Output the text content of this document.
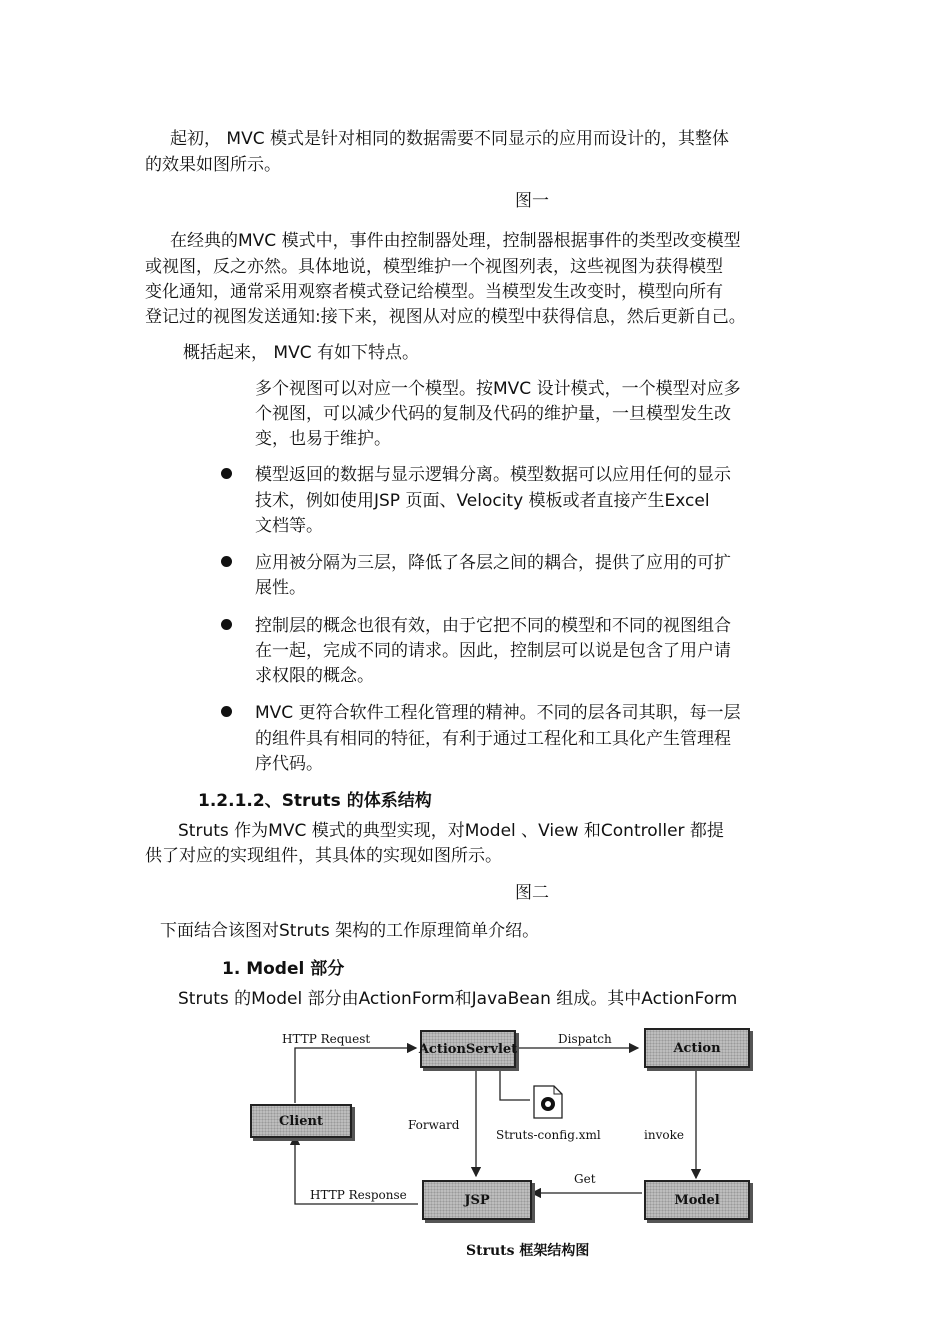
起初， MVC 模式是针对相同的数据需要不同显示的应用而设计的，其整体
的效果如图所示。
图一
在经典的MVC 模式中，事件由控制器处理，控制器根据事件的类型改变模型
或视图，反之亦然。具体地说，模型维护一个视图列表，这些视图为获得模型
变化通知，通常采用观察者模式登记给模型。当模型发生改变时，模型向所有
登记过的视图发送通知:接下来，视图从对应的模型中获得信息，然后更新自己。
概括起来， MVC 有如下特点。
多个视图可以对应一个模型。按MVC 设计模式，一个模型对应多
个视图，可以减少代码的复制及代码的维护量，一旦模型发生改
变，也易于维护。
模型返回的数据与显示逻辑分离。模型数据可以应用任何的显示
技术，例如使用JSP 页面、Velocity 模板或者直接产生Excel
文档等。
应用被分隔为三层，降低了各层之间的耦合，提供了应用的可扩
展性。
控制层的概念也很有效，由于它把不同的模型和不同的视图组合
在一起，完成不同的请求。因此，控制层可以说是包含了用户请
求权限的概念。
MVC 更符合软件工程化管理的精神。不同的层各司其职，每一层
的组件具有相同的特征，有利于通过工程化和工具化产生管理程
序代码。
1.2.1.2、Struts 的体系结构
Struts 作为MVC 模式的典型实现，对Model 、View 和Controller 都提
供了对应的实现组件，其具体的实现如图所示。
图二
下面结合该图对Struts 架构的工作原理简单介绍。
1. Model 部分
Struts 的Model 部分由ActionForm和JavaBean 组成。其中ActionForm
Client
ActionServlet	Action
JSP	Model
HTTP Request	Dispatch
Forward
Struts-config.xml	invoke
Get
HTTP Response
Struts 框架结构图
